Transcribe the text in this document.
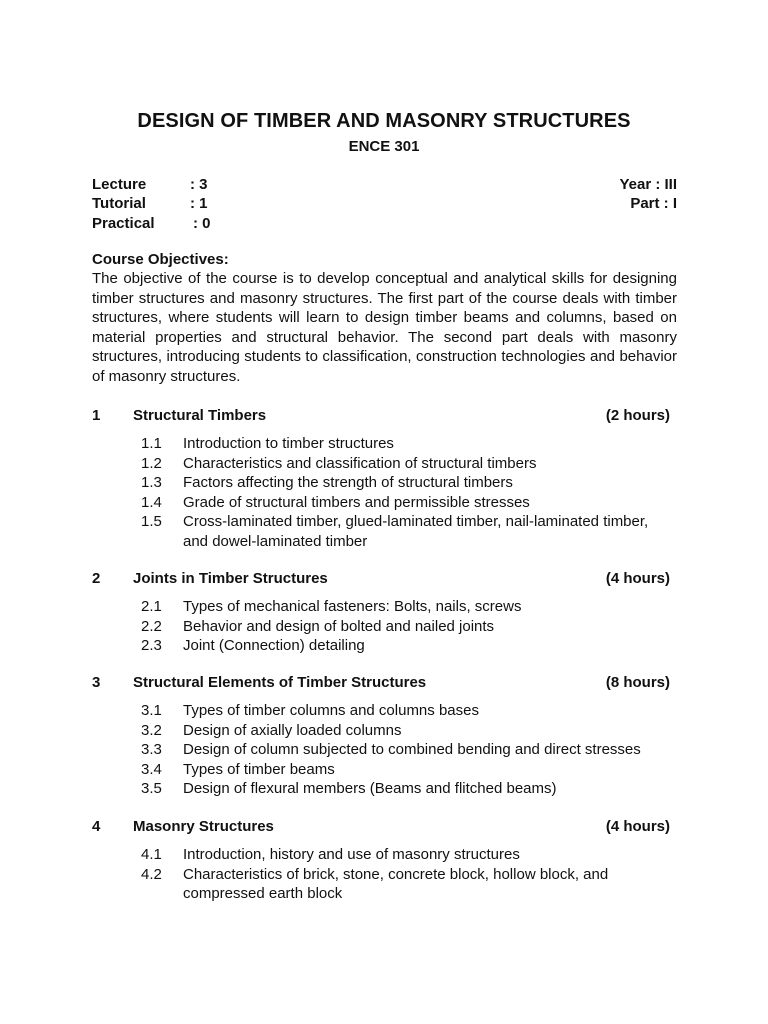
DESIGN OF TIMBER AND MASONRY STRUCTURES
ENCE 301
Lecture	: 3	Year : III
Tutorial	: 1	Part : I
Practical	: 0
Course Objectives:

The objective of the course is to develop conceptual and analytical skills for designing timber structures and masonry structures. The first part of the course deals with timber structures, where students will learn to design timber beams and columns, based on material properties and structural behavior. The second part deals with masonry structures, introducing students to classification, construction technologies and behavior of masonry structures.

1 Structural Timbers	(2 hours)
1.1 Introduction to timber structures
1.2 Characteristics and classification of structural timbers
1.3 Factors affecting the strength of structural timbers
1.4 Grade of structural timbers and permissible stresses
1.5 Cross-laminated timber, glued-laminated timber, nail-laminated timber, and dowel-laminated timber
2 Joints in Timber Structures	(4 hours)
2.1 Types of mechanical fasteners: Bolts, nails, screws
2.2 Behavior and design of bolted and nailed joints
2.3 Joint (Connection) detailing
3 Structural Elements of Timber Structures	(8 hours)
3.1 Types of timber columns and columns bases
3.2 Design of axially loaded columns
3.3 Design of column subjected to combined bending and direct stresses
3.4 Types of timber beams
3.5 Design of flexural members (Beams and flitched beams)
4 Masonry Structures	(4 hours)
4.1 Introduction, history and use of masonry structures
4.2 Characteristics of brick, stone, concrete block, hollow block, and compressed earth block
